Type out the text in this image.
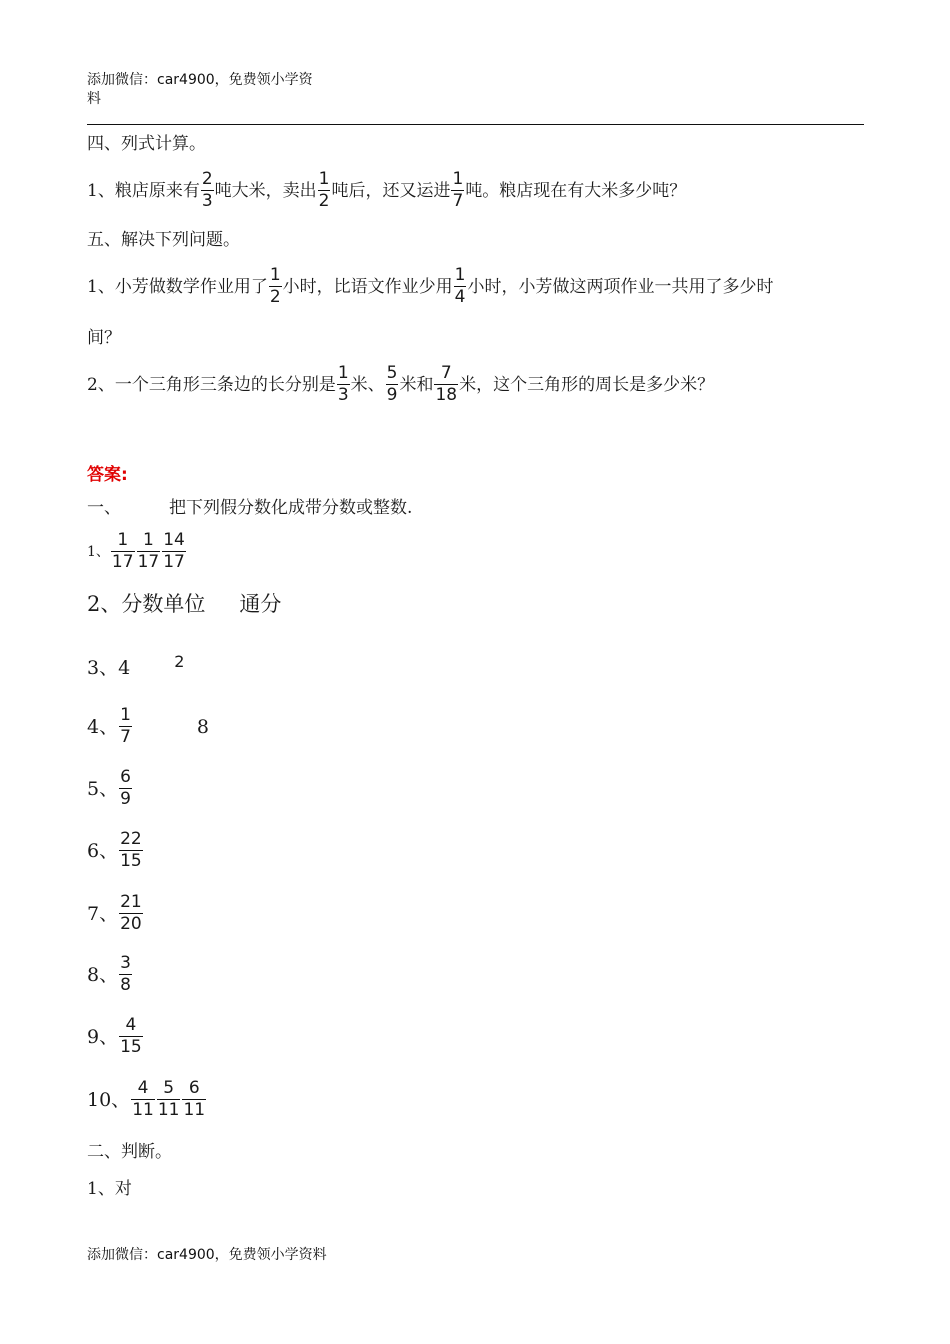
添加微信：car4900，免费领小学资
料
四、列式计算。
1、粮店原来有 $\frac{2}{3}$ 吨大米，卖出 $\frac{1}{2}$ 吨后，还又运进 $\frac{1}{7}$ 吨。粮店现在有大米多少吨？
五、解决下列问题。
1、小芳做数学作业用了 $\frac{1}{2}$ 小时，比语文作业少用 $\frac{1}{4}$ 小时，小芳做这两项作业一共用了多少时
间？
2、一个三角形三条边的长分别是 $\frac{1}{3}$ 米、 $\frac{5}{9}$ 米和 $\frac{7}{18}$ 米，这个三角形的周长是多少米？
答案:
一、	把下列假分数化成带分数或整数.
1、 $\frac{1}{17} \frac{1}{17} \frac{14}{17}$
2、分数单位 通分
3、4	2
4、 $\frac{1}{7}$	8
5、 $\frac{6}{9}$
6、 $\frac{22}{15}$
7、 $\frac{21}{20}$
8、 $\frac{3}{8}$
9、 $\frac{4}{15}$
10、 $\frac{4}{11} \frac{5}{11} \frac{6}{11}$
二、判断。
1、对
添加微信：car4900，免费领小学资料
